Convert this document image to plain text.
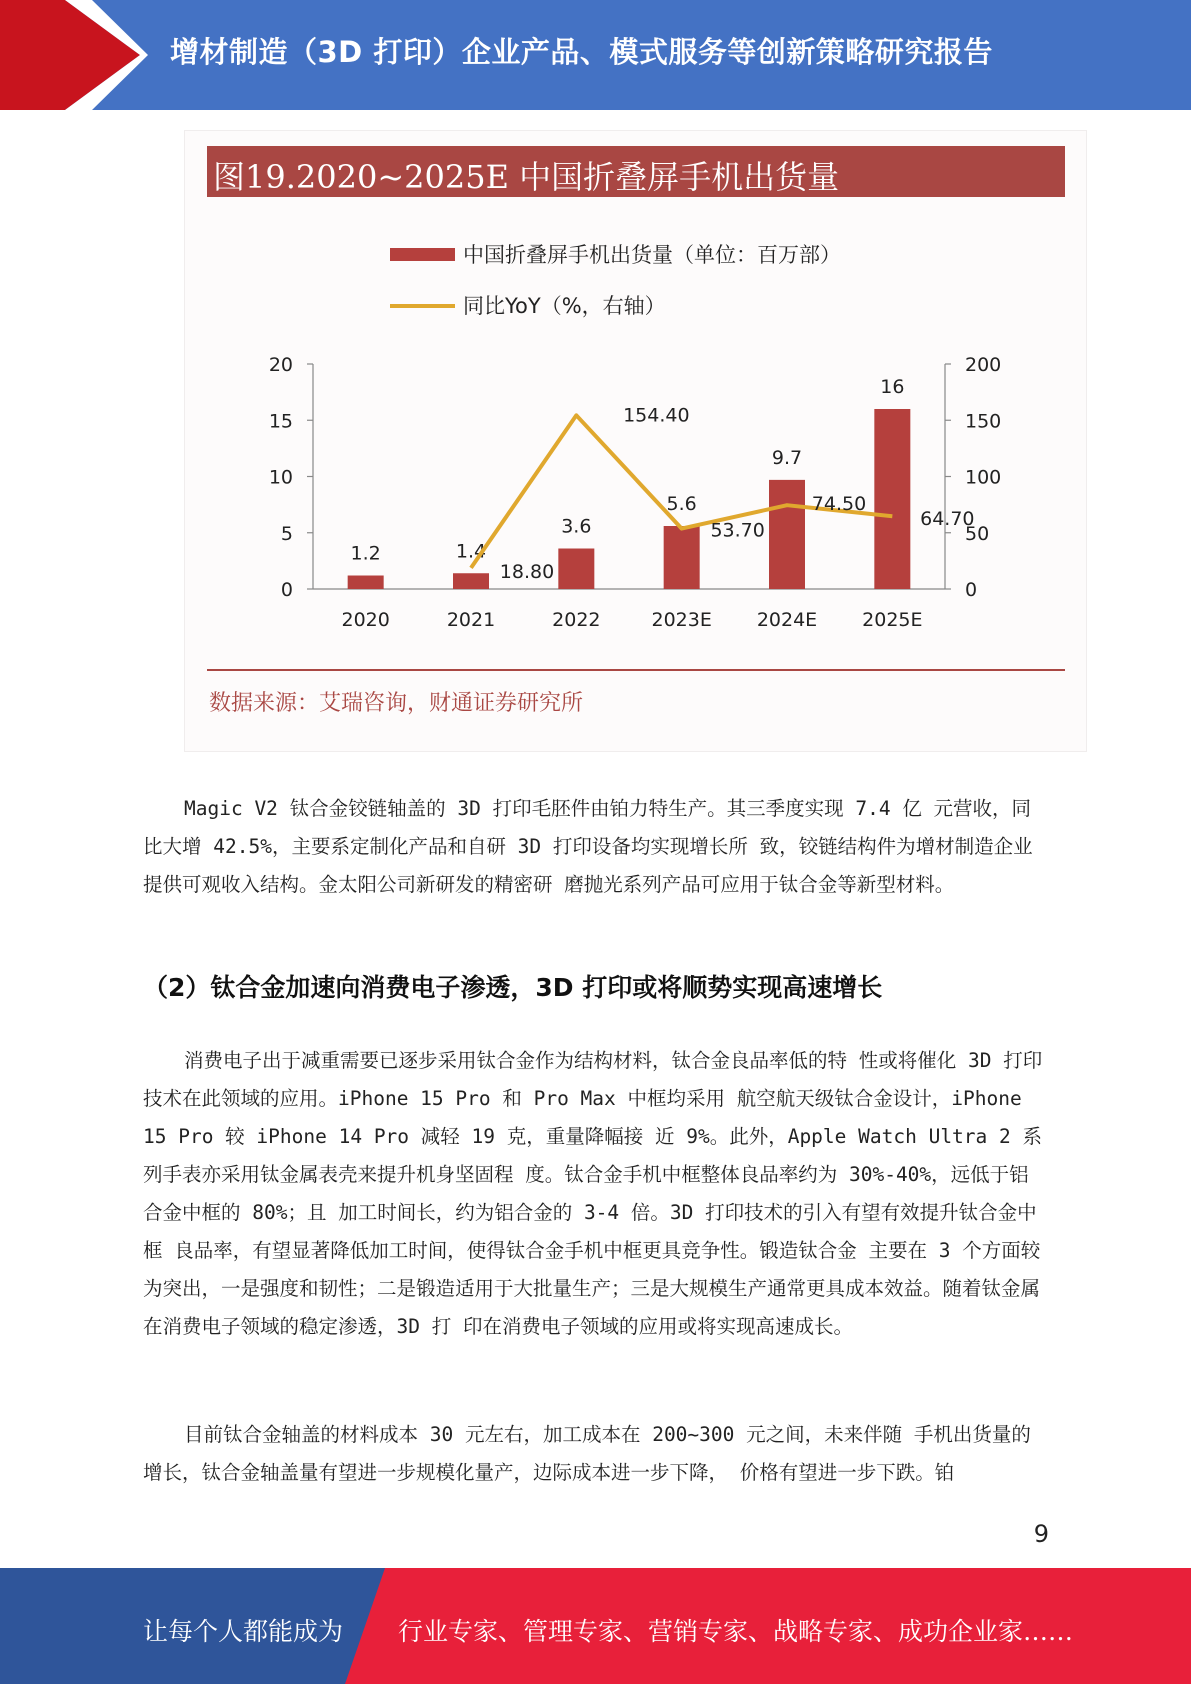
增材制造（3D 打印）企业产品、模式服务等创新策略研究报告
图19.2020~2025E 中国折叠屏手机出货量
中国折叠屏手机出货量（单位：百万部）
同比YoY（%，右轴）
0
5
10
15
20
0
50
100
150
200
1.2	1.4
3.6
5.6
9.7
16
2020	2021	2022	2023E 2024E 2025E
18.80
154.40
53.70
74.50
64.70
数据来源：艾瑞咨询，财通证券研究所

Magic V2 钛合金铰链轴盖的 3D 打印毛胚件由铂力特生产。其三季度实现 7.4 亿 元营收，同比大增 42.5%，主要系定制化产品和自研 3D 打印设备均实现增长所 致，铰链结构件为增材制造企业提供可观收入结构。金太阳公司新研发的精密研 磨抛光系列产品可应用于钛合金等新型材料。

（2）钛合金加速向消费电子渗透，3D 打印或将顺势实现高速增长

消费电子出于减重需要已逐步采用钛合金作为结构材料，钛合金良品率低的特 性或将催化 3D 打印技术在此领域的应用。iPhone 15 Pro 和 Pro Max 中框均采用 航空航天级钛合金设计，iPhone 15 Pro 较 iPhone 14 Pro 减轻 19 克，重量降幅接 近 9%。此外，Apple Watch Ultra 2 系列手表亦采用钛金属表壳来提升机身坚固程 度。钛合金手机中框整体良品率约为 30%-40%，远低于铝合金中框的 80%；且 加工时间长，约为铝合金的 3-4 倍。3D 打印技术的引入有望有效提升钛合金中框 良品率，有望显著降低加工时间，使得钛合金手机中框更具竞争性。锻造钛合金 主要在 3 个方面较为突出，一是强度和韧性；二是锻造适用于大批量生产；三是大规模生产通常更具成本效益。随着钛金属在消费电子领域的稳定渗透，3D 打 印在消费电子领域的应用或将实现高速成长。

目前钛合金轴盖的材料成本 30 元左右，加工成本在 200~300 元之间，未来伴随 手机出货量的增长，钛合金轴盖量有望进一步规模化量产，边际成本进一步下降， 价格有望进一步下跌。铂

9
让每个人都能成为 行业专家、管理专家、营销专家、战略专家、成功企业家……
